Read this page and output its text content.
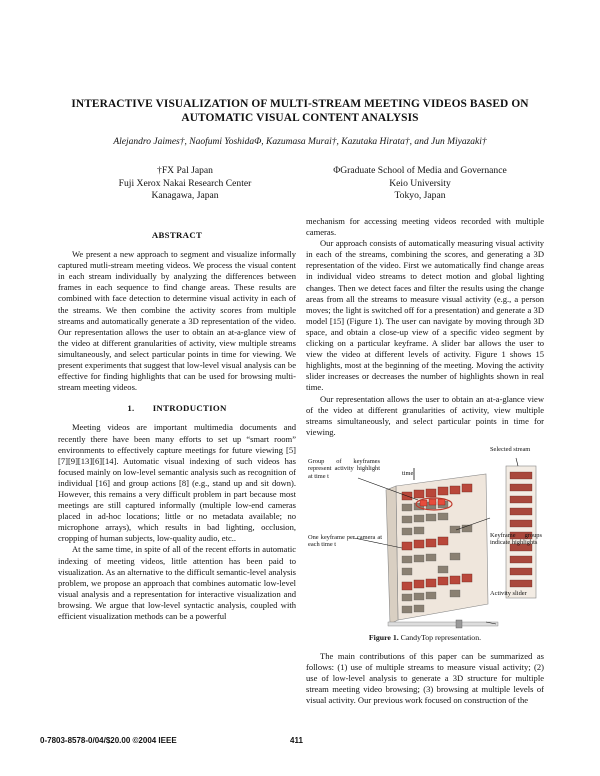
INTERACTIVE VISUALIZATION OF MULTI-STREAM MEETING VIDEOS BASED ON
AUTOMATIC VISUAL CONTENT ANALYSIS
Alejandro Jaimes†, Naofumi YoshidaΦ, Kazumasa Murai†, Kazutaka Hirata†, and Jun Miyazaki†
†FX Pal Japan
Fuji Xerox Nakai Research Center
Kanagawa, Japan
ΦGraduate School of Media and Governance
Keio University
Tokyo, Japan
ABSTRACT

We present a new approach to segment and visualize informally captured mutli-stream meeting videos. We process the visual content in each stream individually by analyzing the differences between frames in each sequence to find change areas. These results are combined with face detection to determine visual activity in each of the streams. We then combine the activity scores from multiple streams and automatically generate a 3D representation of the video. Our representation allows the user to obtain an at-a-glance view of the video at different granularities of activity, view multiple streams simultaneously, and select particular points in time for viewing. We present experiments that suggest that low-level visual analysis can be effective for finding highlights that can be used for browsing multi-stream meeting videos.

1.  INTRODUCTION

Meeting videos are important multimedia documents and recently there have been many efforts to set up “smart room” environments to effectively capture meetings for future viewing [5][7][9][13][6][14]. Automatic visual indexing of such videos has focused mainly on low-level semantic analysis such as recognition of individual [16] and group actions [8] (e.g., stand up and sit down). However, this remains a very difficult problem in part because most meetings are still captured informally (multiple low-end cameras placed in ad-hoc locations; little or no metadata available; no microphone arrays), which results in bad lighting, occlusion, cropping of human subjects, low-quality audio, etc..

At the same time, in spite of all of the recent efforts in automatic indexing of meeting videos, little attention has been paid to visualization. As an alternative to the difficult semantic-level analysis problem, we propose an approach that combines automatic low-level visual analysis and a representation for interactive visualization and browsing. We argue that low-level syntactic analysis, coupled with efficient visualization methods can be a powerful

mechanism for accessing meeting videos recorded with multiple cameras.

Our approach consists of automatically measuring visual activity in each of the streams, combining the scores, and generating a 3D representation of the video. First we automatically find change areas in individual video streams to detect motion and global lighting changes. Then we detect faces and filter the results using the change areas from all the streams to measure visual activity (e.g., a person moves; the light is switched off for a presentation) and generate a 3D model [15] (Figure 1). The user can navigate by moving through 3D space, and obtain a close-up view of a specific video segment by clicking on a particular keyframe. A slider bar allows the user to view the video at different levels of activity. Figure 1 shows 15 highlights, most at the beginning of the meeting. Moving the activity slider increases or decreases the number of highlights shown in real time.

Our representation allows the user to obtain an at-a-glance view of the video at different granularities of activity, view multiple streams simultaneously, and select particular points in time for viewing.

Selected stream
Group of keyframes represent activity highlight at time t	time
One keyframe per camera at each time t
Keyframe groups indicate highlights
Activity slider
Figure 1. CandyTop representation.

The main contributions of this paper can be summarized as follows: (1) use of multiple streams to measure visual activity; (2) use of low-level analysis to generate a 3D structure for multiple stream meeting video browsing; (3) browsing at multiple levels of visual activity. Our previous work focused on construction of the

0-7803-8578-0/04/$20.00 ©2004 IEEE	411
